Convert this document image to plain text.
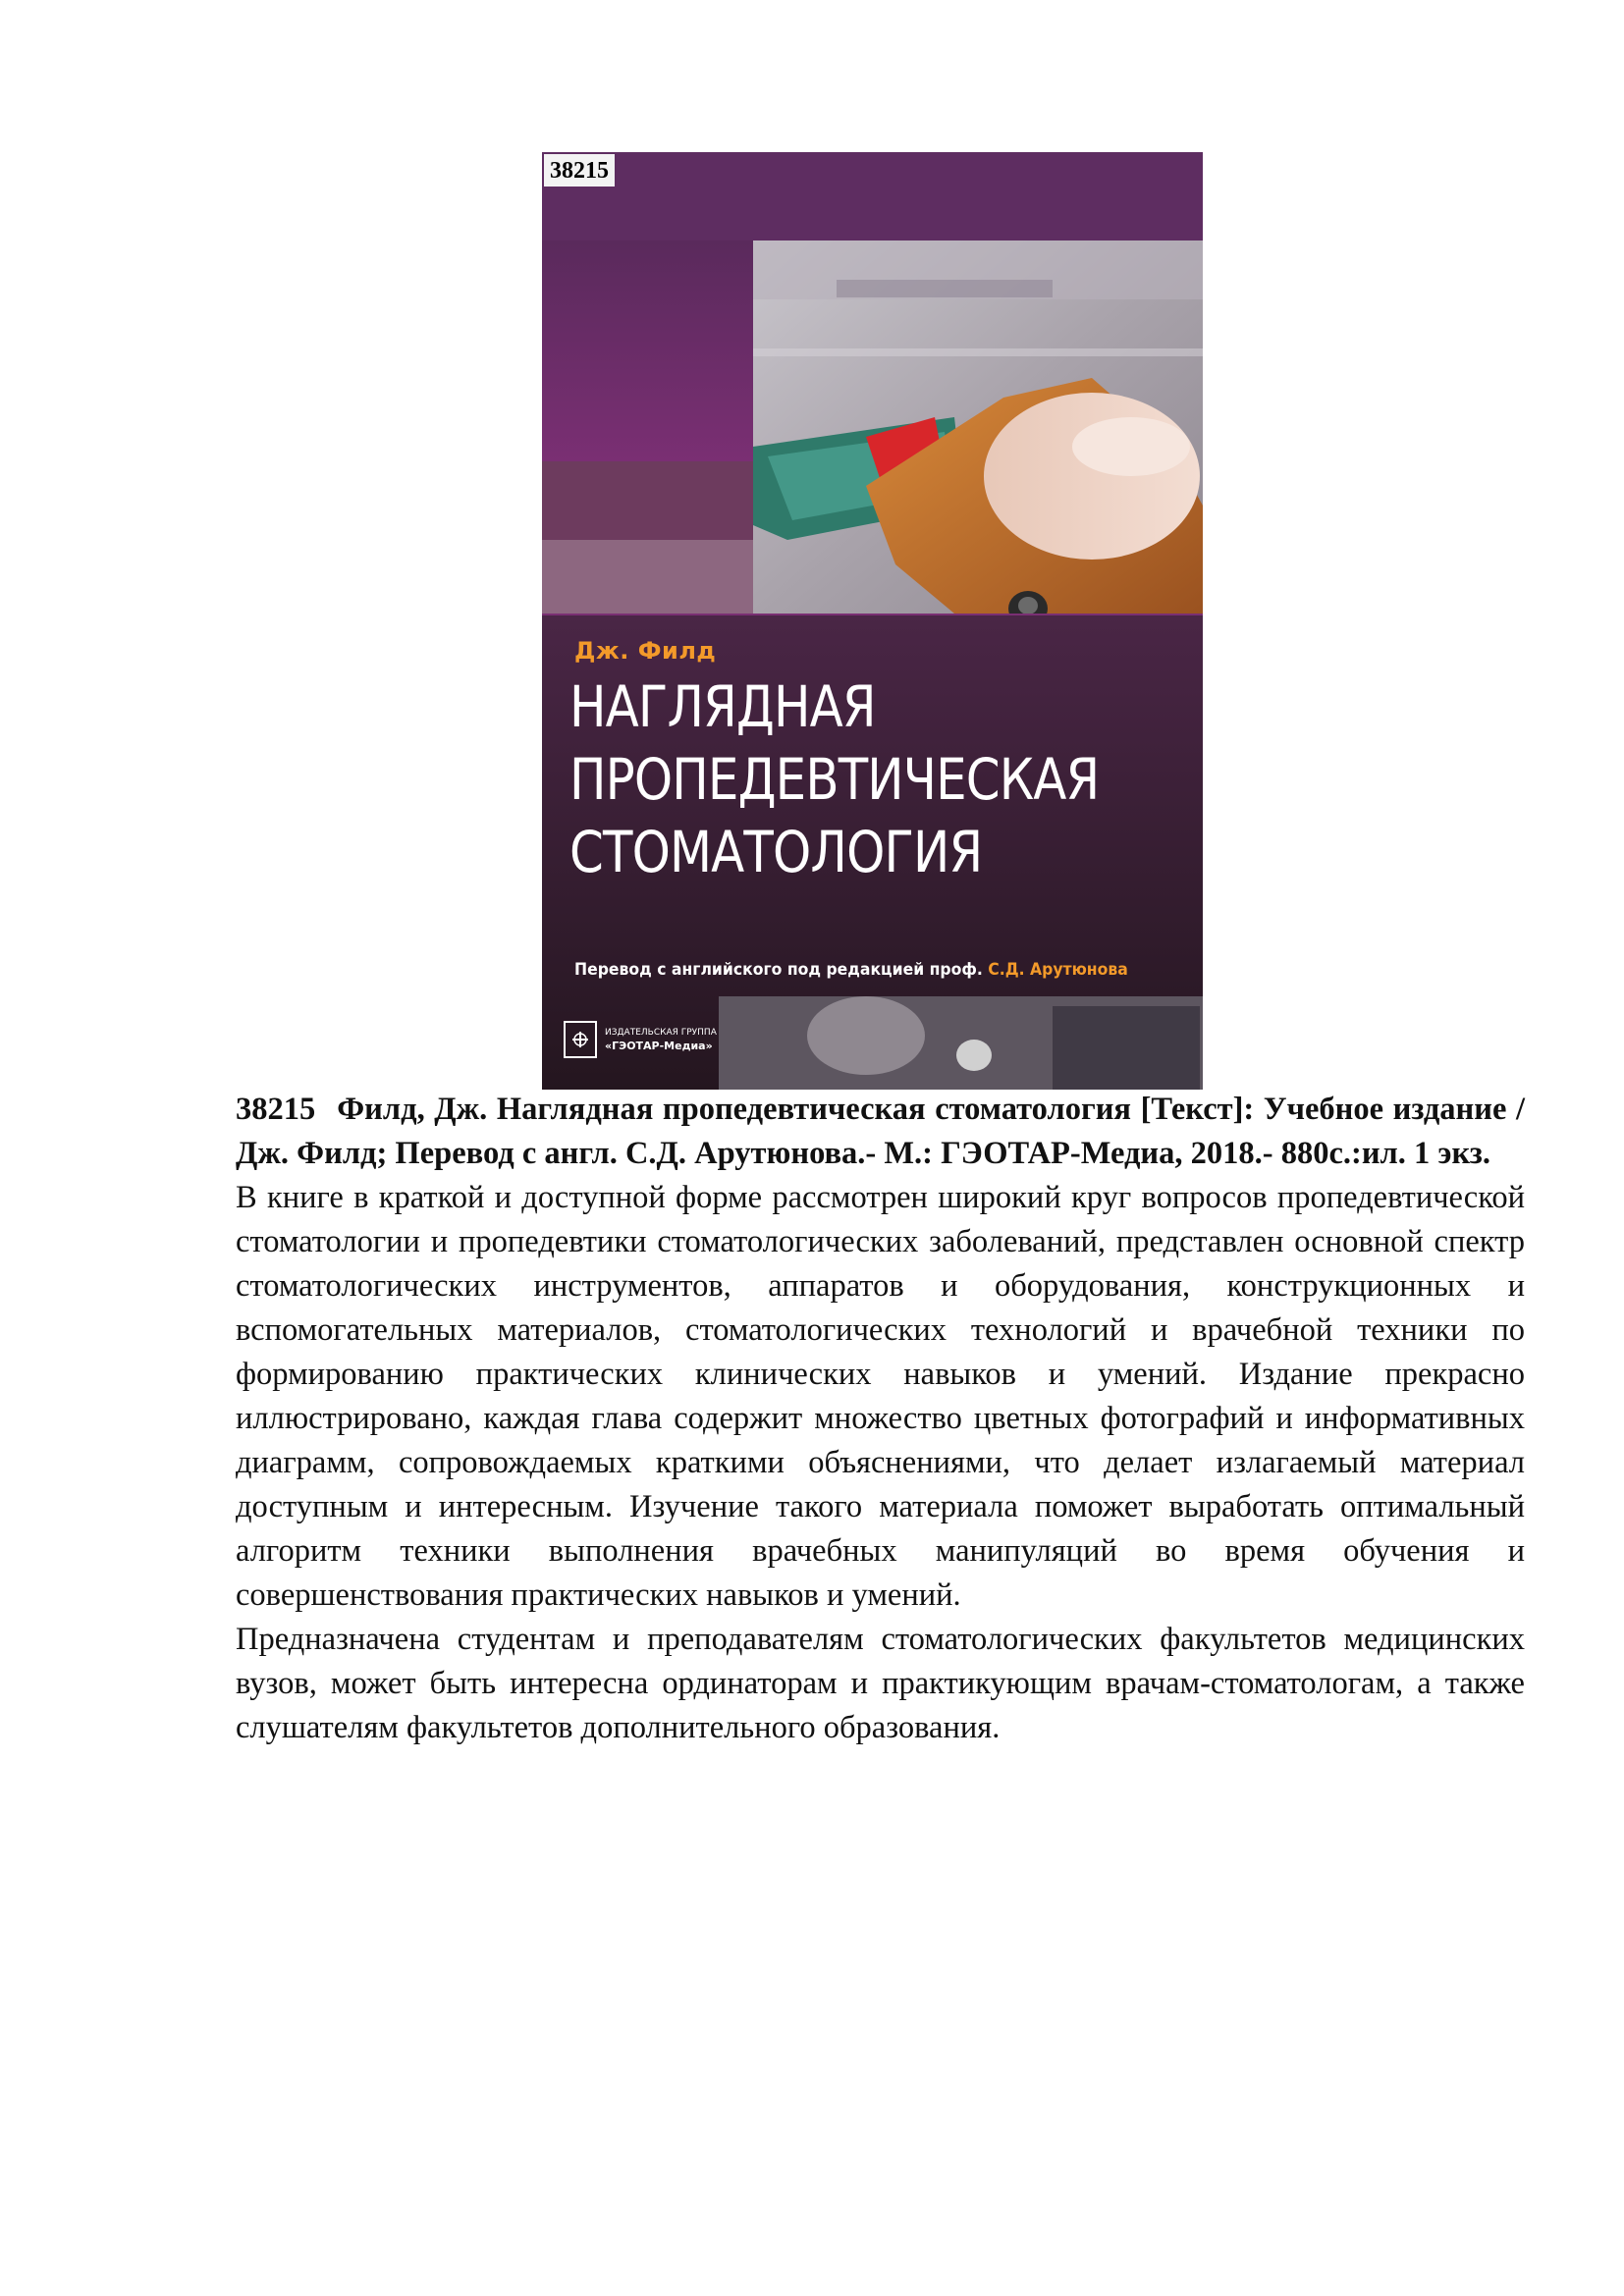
38215
Дж. Филд
НАГЛЯДНАЯ
ПРОПЕДЕВТИЧЕСКАЯ
СТОМАТОЛОГИЯ
Перевод с английского под редакцией проф. С.Д. Арутюнова
ИЗДАТЕЛЬСКАЯ ГРУППА
«ГЭОТАР-Медиа»

38215 Филд, Дж. Наглядная пропедевтическая стоматология [Текст]: Учебное издание /Дж. Филд; Перевод с англ. С.Д. Арутюнова.- М.: ГЭОТАР-Медиа, 2018.- 880с.:ил. 1 экз.

В книге в краткой и доступной форме рассмотрен широкий круг вопросов пропедевтической стоматологии и пропедевтики стоматологических заболеваний, представлен основной спектр стоматологических инструментов, аппаратов и оборудования, конструкционных и вспомогательных материалов, стоматологических технологий и врачебной техники по формированию практических клинических навыков и умений. Издание прекрасно иллюстрировано, каждая глава содержит множество цветных фотографий и информативных диаграмм, сопровождаемых краткими объяснениями, что делает излагаемый материал доступным и интересным. Изучение такого материала поможет выработать оптимальный алгоритм техники выполнения врачебных манипуляций во время обучения и совершенствования практических навыков и умений.

Предназначена студентам и преподавателям стоматологических факультетов медицинских вузов, может быть интересна ординаторам и практикующим врачам-стоматологам, а также слушателям факультетов дополнительного образования.
